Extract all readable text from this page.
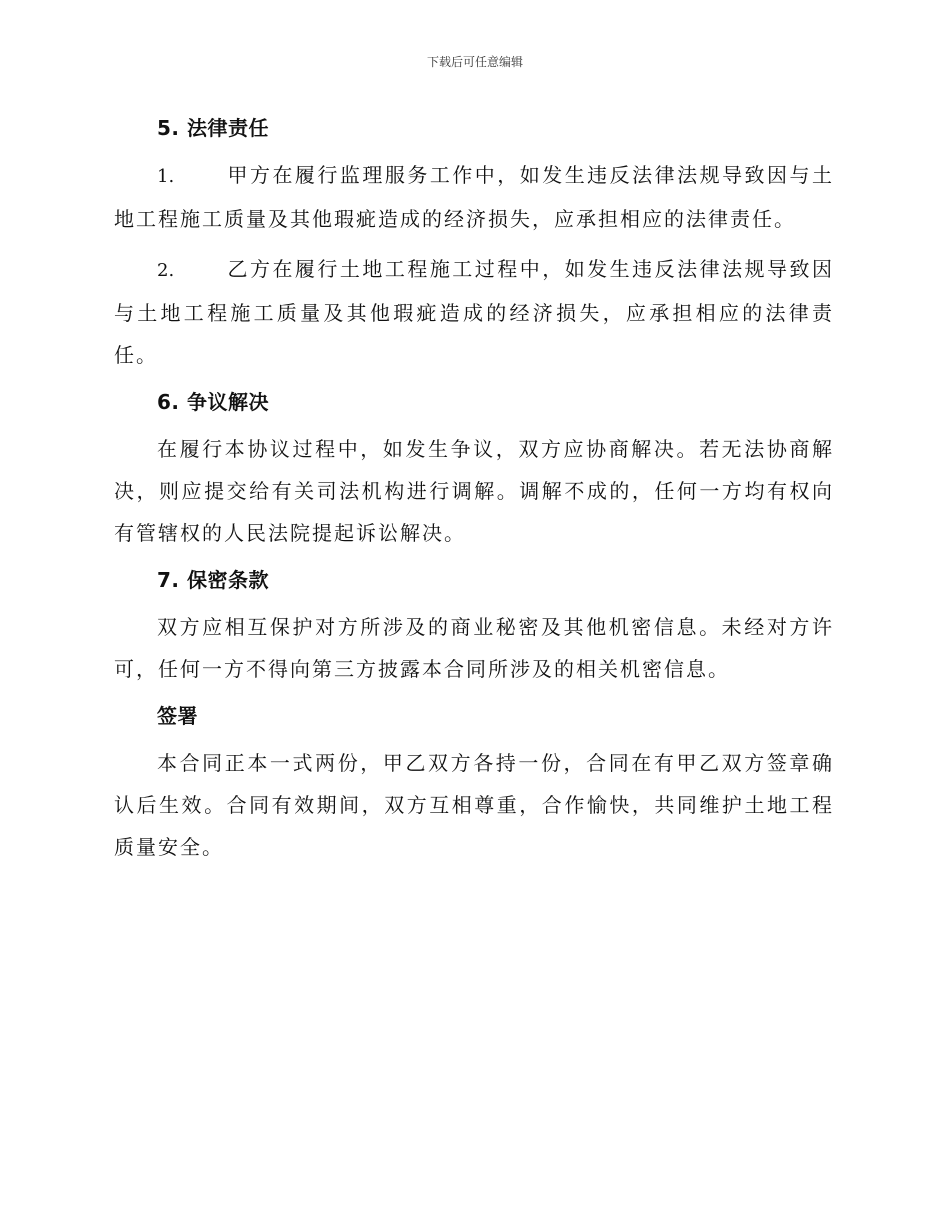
下载后可任意编辑
5. 法律责任
1.	甲方在履行监理服务工作中，如发生违反法律法规导致因与土地工程施工质量及其他瑕疵造成的经济损失，应承担相应的法律责任。
2.	乙方在履行土地工程施工过程中，如发生违反法律法规导致因与土地工程施工质量及其他瑕疵造成的经济损失，应承担相应的法律责任。
6. 争议解决
在履行本协议过程中，如发生争议，双方应协商解决。若无法协商解决，则应提交给有关司法机构进行调解。调解不成的，任何一方均有权向有管辖权的人民法院提起诉讼解决。
7. 保密条款
双方应相互保护对方所涉及的商业秘密及其他机密信息。未经对方许可，任何一方不得向第三方披露本合同所涉及的相关机密信息。
签署
本合同正本一式两份，甲乙双方各持一份，合同在有甲乙双方签章确认后生效。合同有效期间，双方互相尊重，合作愉快，共同维护土地工程质量安全。
